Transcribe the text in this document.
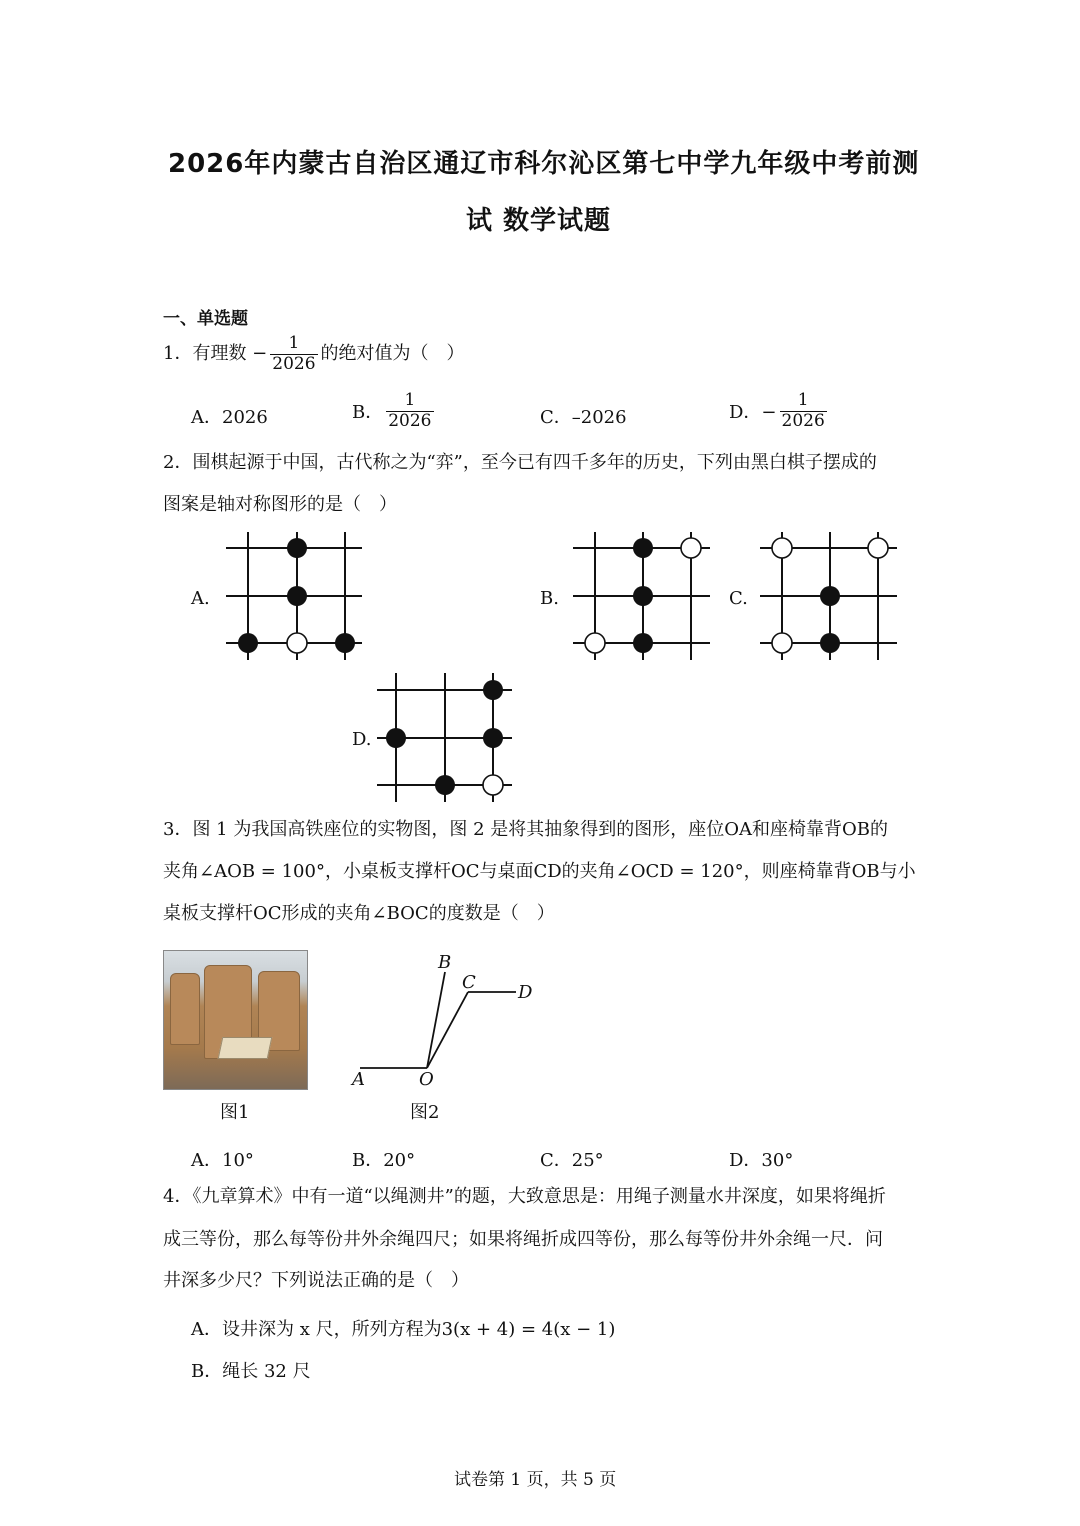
2026年内蒙古自治区通辽市科尔沁区第七中学九年级中考前测
试 数学试题
一、单选题
1．有理数 − $\frac{1}{2026}$ 的绝对值为（　）
A．2026	B． $\frac{1}{2026}$	C．–2026	D．− $\frac{1}{2026}$
2．围棋起源于中国，古代称之为“弈”，至今已有四千多年的历史，下列由黑白棋子摆成的
图案是轴对称图形的是（　）
A.	B.	C.
D.
3．图 1 为我国高铁座位的实物图，图 2 是将其抽象得到的图形，座位OA和座椅靠背OB的
夹角∠AOB = 100°，小桌板支撑杆OC与桌面CD的夹角∠OCD = 120°，则座椅靠背OB与小
桌板支撑杆OC形成的夹角∠BOC的度数是（　）
图1
B
C D
A	O
图2
A．10°	B．20°	C．25°	D．30°
4．《九章算术》中有一道“以绳测井”的题，大致意思是：用绳子测量水井深度，如果将绳折
成三等份，那么每等份井外余绳四尺；如果将绳折成四等份，那么每等份井外余绳一尺．问
井深多少尺？下列说法正确的是（　）
A．设井深为 x 尺，所列方程为3(x + 4) = 4(x − 1)
B．绳长 32 尺
试卷第 1 页，共 5 页
